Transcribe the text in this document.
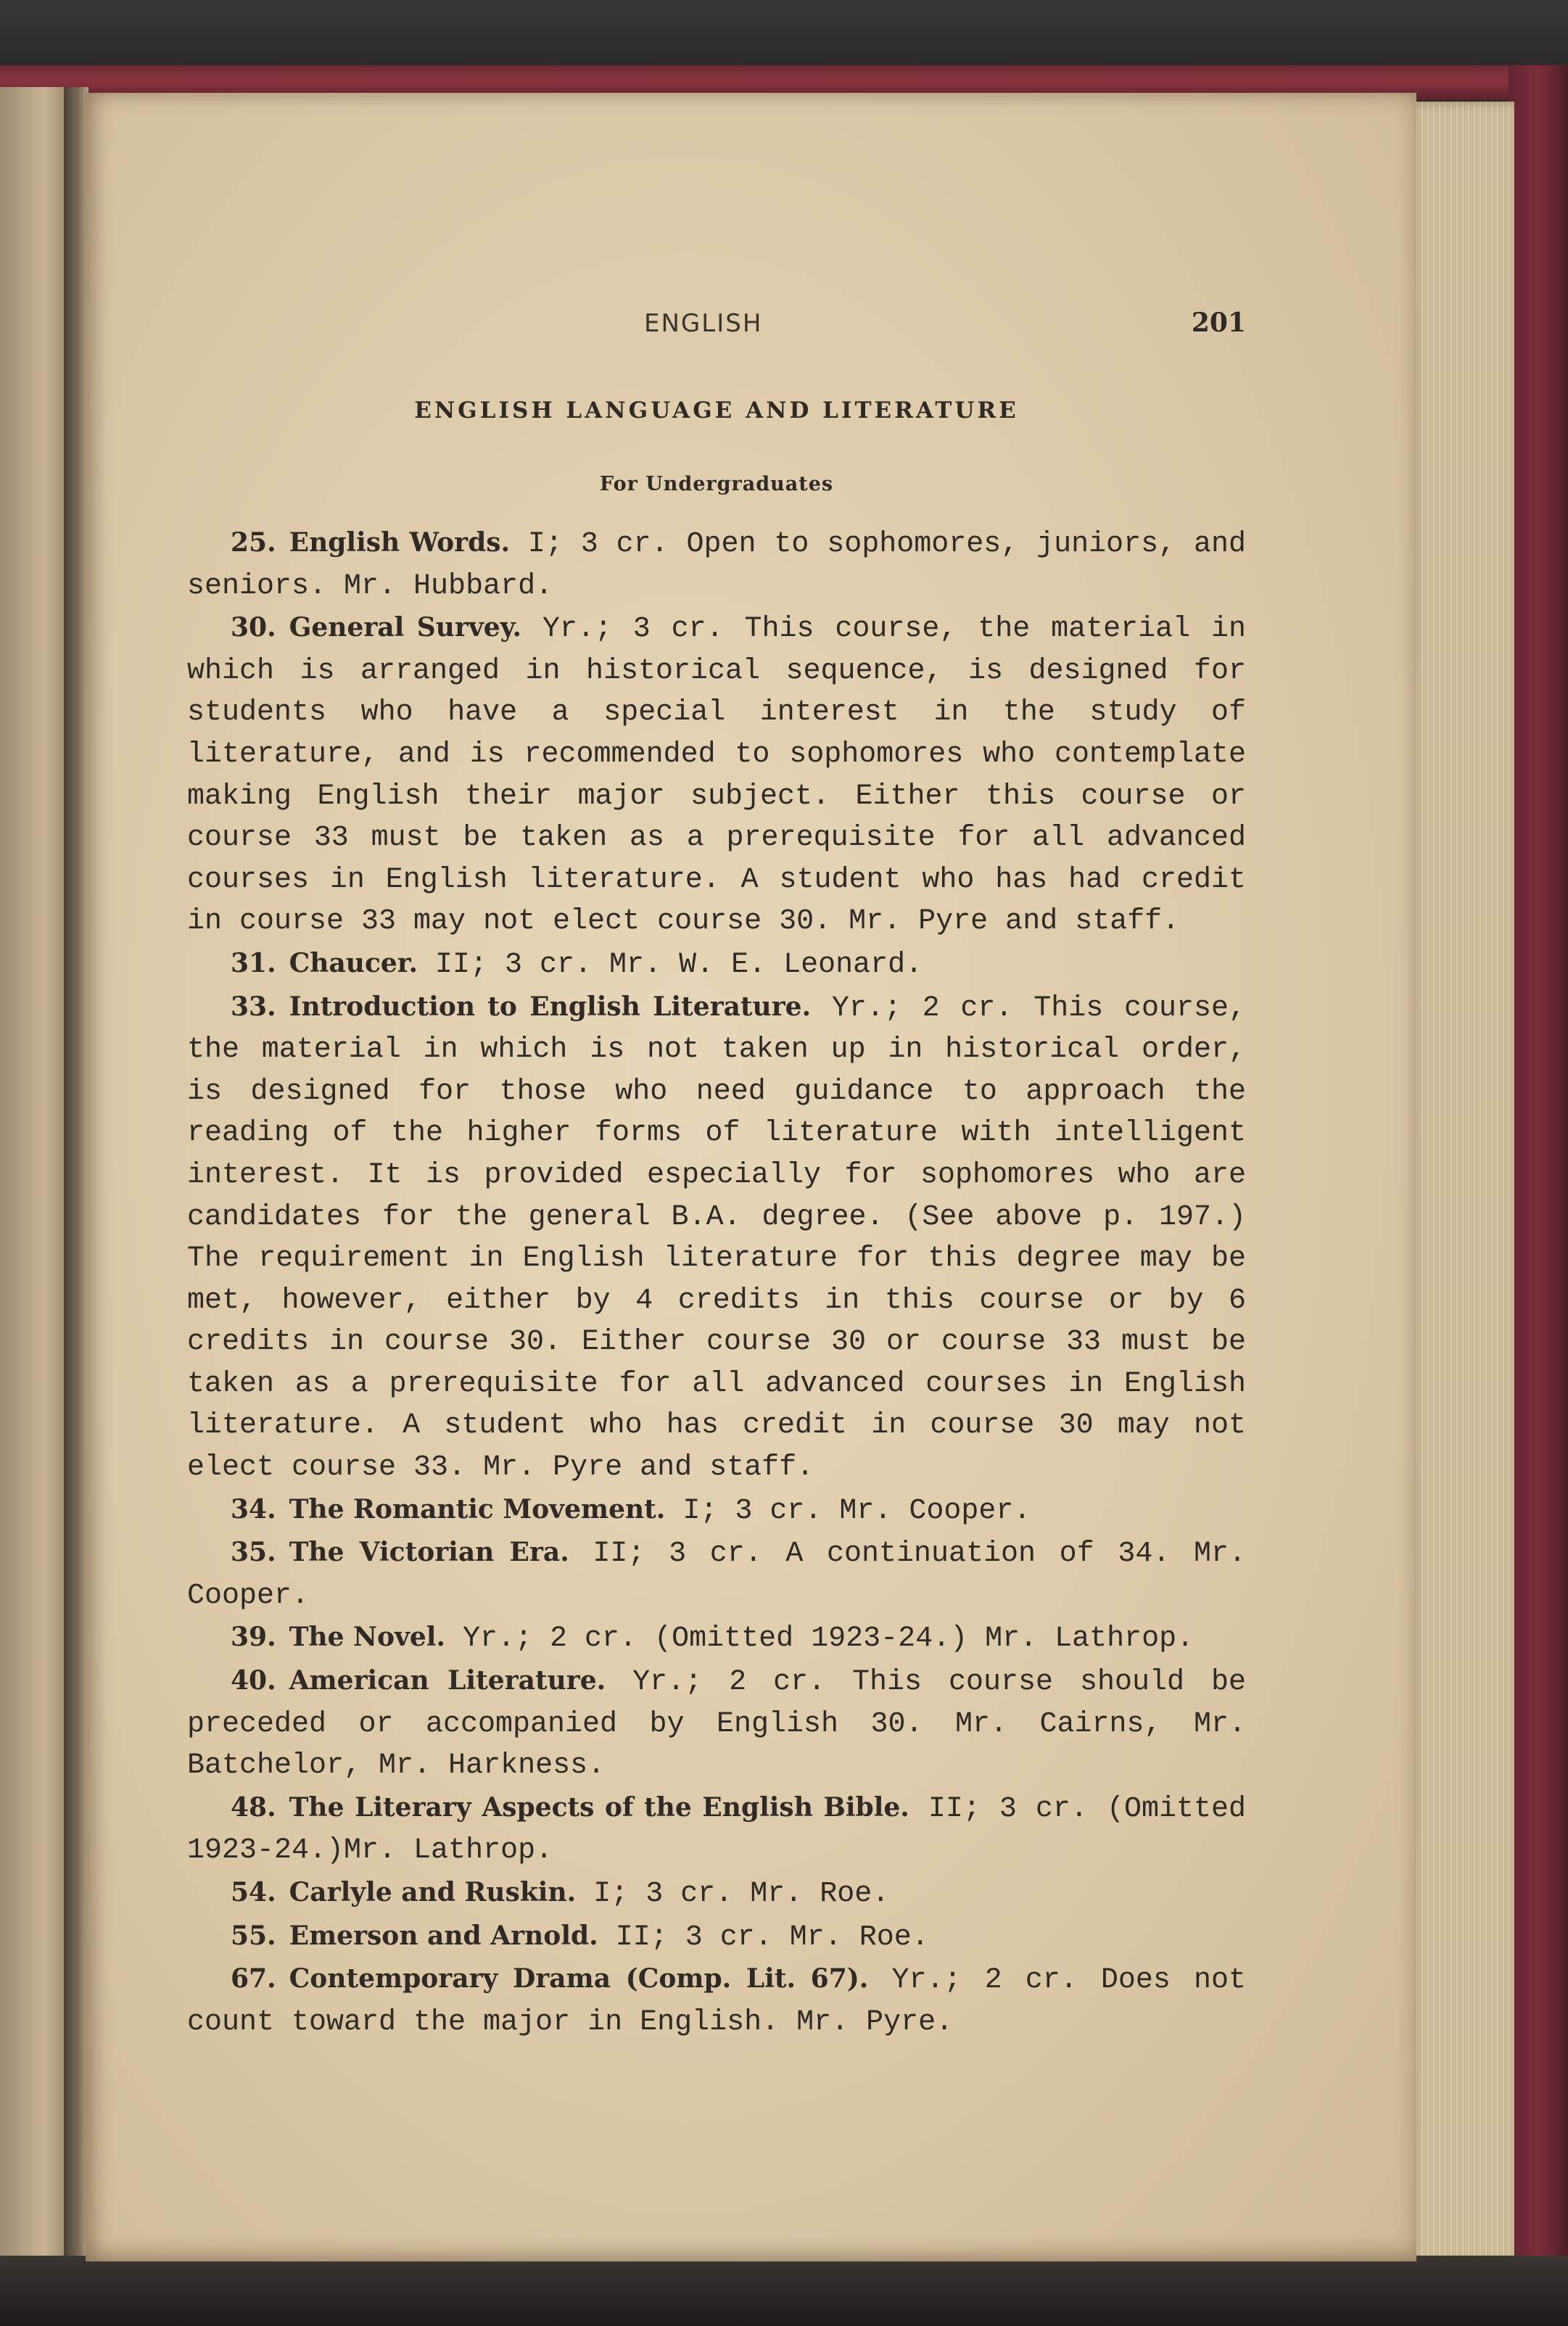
ENGLISH	201
ENGLISH LANGUAGE AND LITERATURE
For Undergraduates

25. English Words. I; 3 cr. Open to sophomores, juniors, and seniors. Mr. Hubbard.

30. General Survey. Yr.; 3 cr. This course, the material in which is arranged in historical sequence, is designed for students who have a special interest in the study of literature, and is recommended to sophomores who contemplate making English their major subject. Either this course or course 33 must be taken as a prerequisite for all advanced courses in English literature. A student who has had credit in course 33 may not elect course 30. Mr. Pyre and staff.

31. Chaucer. II; 3 cr. Mr. W. E. Leonard.

33. Introduction to English Literature. Yr.; 2 cr. This course, the material in which is not taken up in historical order, is designed for those who need guidance to approach the reading of the higher forms of literature with intelligent interest. It is provided especially for sophomores who are candidates for the general B.A. degree. (See above p. 197.) The requirement in English literature for this degree may be met, however, either by 4 credits in this course or by 6 credits in course 30. Either course 30 or course 33 must be taken as a prerequisite for all advanced courses in English literature. A student who has credit in course 30 may not elect course 33. Mr. Pyre and staff.

34. The Romantic Movement. I; 3 cr. Mr. Cooper.

35. The Victorian Era. II; 3 cr. A continuation of 34. Mr. Cooper.

39. The Novel. Yr.; 2 cr. (Omitted 1923-24.) Mr. Lathrop.

40. American Literature. Yr.; 2 cr. This course should be preceded or accompanied by English 30. Mr. Cairns, Mr. Batchelor, Mr. Harkness.

48. The Literary Aspects of the English Bible. II; 3 cr. (Omitted 1923-24.)Mr. Lathrop.

54. Carlyle and Ruskin. I; 3 cr. Mr. Roe.

55. Emerson and Arnold. II; 3 cr. Mr. Roe.

67. Contemporary Drama (Comp. Lit. 67). Yr.; 2 cr. Does not count toward the major in English. Mr. Pyre.
